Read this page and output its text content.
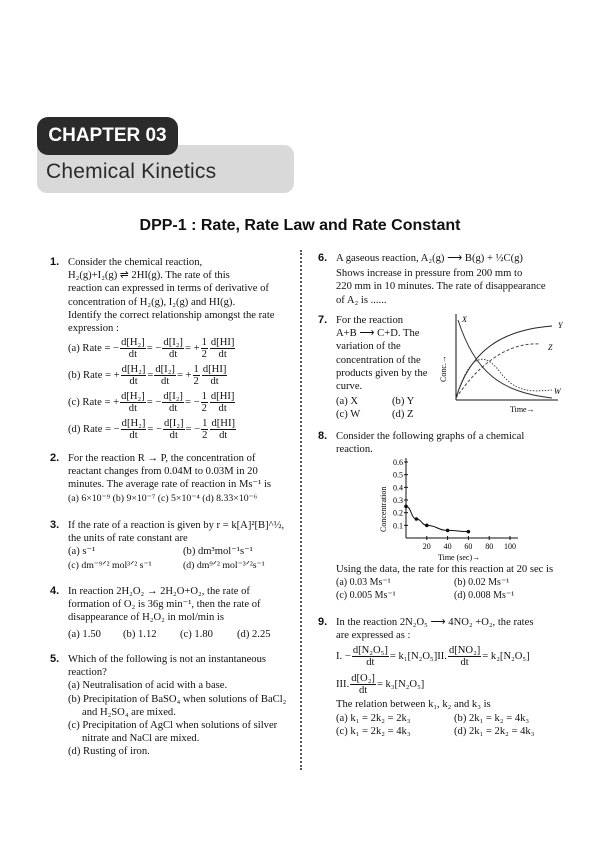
CHAPTER 03
Chemical Kinetics
DPP-1 : Rate, Rate Law and Rate Constant
1. Consider the chemical reaction,
H₂(g)+I₂(g) ⇌ 2HI(g). The rate of this
reaction can expressed in terms of derivative of
concentration of H₂(g), I₂(g) and HI(g).
Identify the correct relationship amongst the rate
expression :
(a) Rate = − $\frac{\text{d[H₂]}}{dt}$ = − $\frac{\text{d[I₂]}}{dt}$ = + $\frac{1}{2} \frac{d[HI]}{dt}$
(b) Rate = + $\frac{\text{d[H₂]}}{dt} = \frac{\text{d[I₂]}}{dt}$ = + $\frac{1}{2} \frac{d[HI]}{dt}$
(c) Rate = + $\frac{\text{d[H₂]}}{dt}$ = − $\frac{\text{d[I₂]}}{dt}$ = − $\frac{1}{2} \frac{d[HI]}{dt}$
(d) Rate = − $\frac{\text{d[H₂]}}{dt}$ = − $\frac{\text{d[I₂]}}{dt}$ = − $\frac{1}{2} \frac{d[HI]}{dt}$
2. For the reaction R → P, the concentration of
reactant changes from 0.04M to 0.03M in 20
minutes. The average rate of reaction in Ms⁻¹ is
(a) 6×10⁻⁹ (b) 9×10⁻⁷ (c) 5×10⁻⁴ (d) 8.33×10⁻⁶
3. If the rate of a reaction is given by r = k[A]²[B]^½,
the units of rate constant are
(a) s⁻¹	(b) dm³mol⁻¹s⁻¹
(c) dm⁻⁹ᐟ² mol³ᐟ² s⁻¹	(d) dm⁹ᐟ² mol⁻³ᐟ²s⁻¹
4. In reaction 2H₂O₂ → 2H₂O+O₂, the rate of
formation of O₂ is 36g min⁻¹, then the rate of
disappearance of H₂O₂ in mol/min is
(a) 1.50	(b) 1.12	(c) 1.80	(d) 2.25
5. Which of the following is not an instantaneous
reaction?
(a) Neutralisation of acid with a base.
(b) Precipitation of BaSO₄ when solutions of BaCl₂
and H₂SO₄ are mixed.
(c) Precipitation of AgCl when solutions of silver
nitrate and NaCl are mixed.
(d) Rusting of iron.
6. A gaseous reaction, A₂(g) ⟶ B(g) + ½C(g)
Shows increase in pressure from 200 mm to
220 mm in 10 minutes. The rate of disappearance
of A₂ is ......
7. For the reaction
A+B ⟶ C+D. The
variation of the
concentration of the
products given by the
curve.
(a) X	(b) Y
(c) W	(d) Z
Conc.→
Time→
X
Y
Z
W
8. Consider the following graphs of a chemical
reaction.
Concentration
Time (sec)→
0.1
0.2
0.3
0.4
0.5
0.6
20 40 60 80 100
Using the data, the rate for this reaction at 20 sec is
(a) 0.03 Ms⁻¹	(b) 0.02 Ms⁻¹
(c) 0.005 Ms⁻¹	(d) 0.008 Ms⁻¹
9. In the reaction 2N₂O₅ ⟶ 4NO₂ +O₂, the rates
are expressed as :
I. − $\frac{\text{d[N₂O₅]}}{dt} = k_1[N_2O_5]$ II. $\frac{\text{d[NO₂]}}{dt} = k_2[N_2O_5]$
III. $\frac{\text{d[O₂]}}{dt} = k_3[N_2O_5]$
The relation between k₁, k₂ and k₃ is
(a) k₁ = 2k₂ = 2k₃	(b) 2k₁ = k₂ = 4k₃
(c) k₁ = 2k₂ = 4k₃	(d) 2k₁ = 2k₂ = 4k₃
